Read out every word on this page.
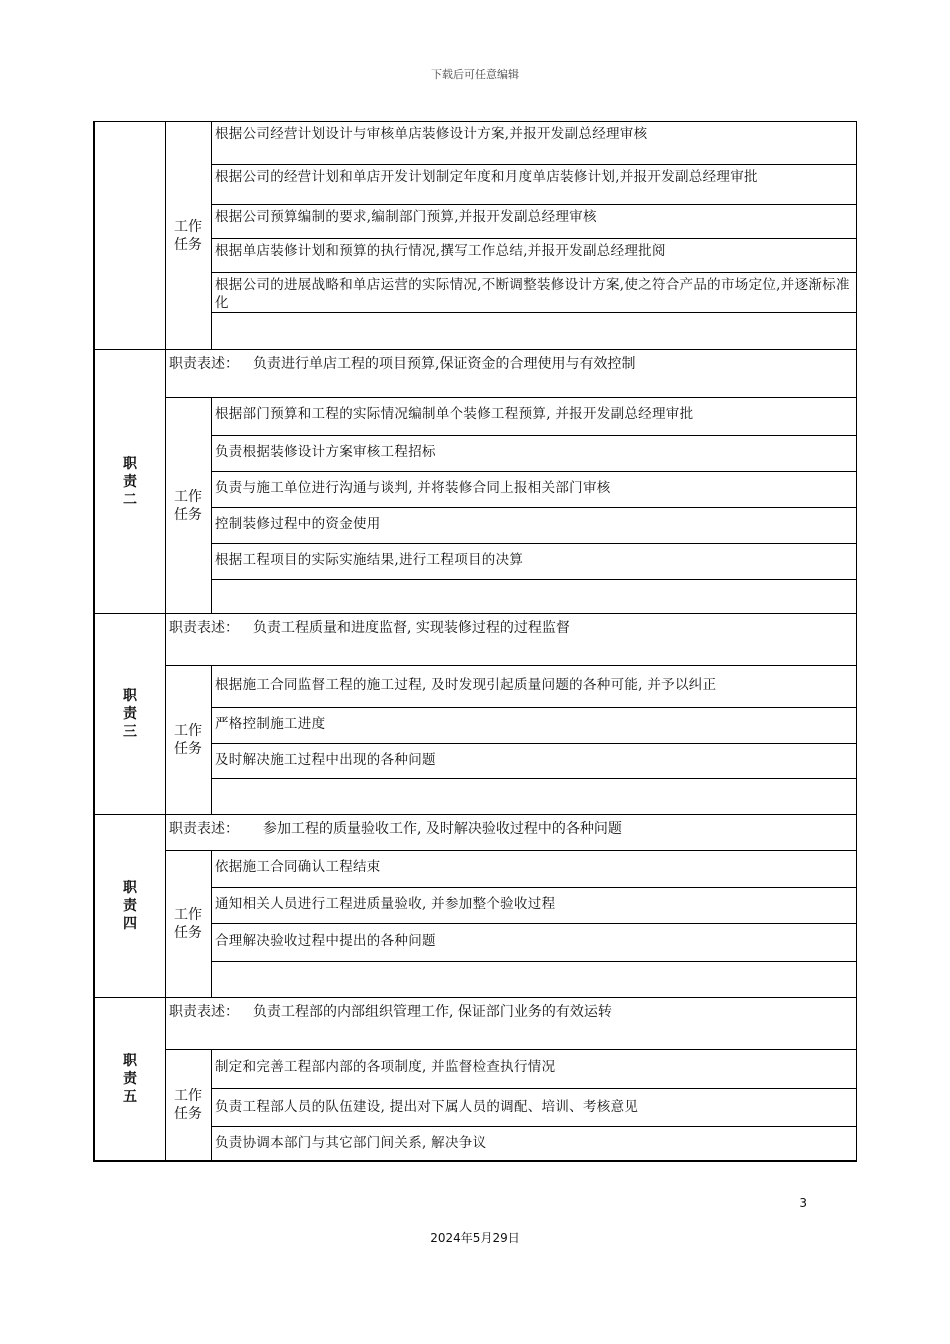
下载后可任意编辑
工作任务
根据公司经营计划设计与审核单店装修设计方案,并报开发副总经理审核
根据公司的经营计划和单店开发计划制定年度和月度单店装修计划,并报开发副总经理审批
根据公司预算编制的要求,编制部门预算,并报开发副总经理审核
根据单店装修计划和预算的执行情况,撰写工作总结,并报开发副总经理批阅
根据公司的进展战略和单店运营的实际情况,不断调整装修设计方案,使之符合产品的市场定位,并逐渐标准化
职责二
职责表述： 负责进行单店工程的项目预算,保证资金的合理使用与有效控制
工作任务
根据部门预算和工程的实际情况编制单个装修工程预算, 并报开发副总经理审批
负责根据装修设计方案审核工程招标
负责与施工单位进行沟通与谈判, 并将装修合同上报相关部门审核
控制装修过程中的资金使用
根据工程项目的实际实施结果,进行工程项目的决算
职责三
职责表述： 负责工程质量和进度监督, 实现装修过程的过程监督
工作任务
根据施工合同监督工程的施工过程, 及时发现引起质量问题的各种可能, 并予以纠正
严格控制施工进度
及时解决施工过程中出现的各种问题
职责四
职责表述： 参加工程的质量验收工作, 及时解决验收过程中的各种问题
工作任务
依据施工合同确认工程结束
通知相关人员进行工程进质量验收, 并参加整个验收过程
合理解决验收过程中提出的各种问题
职责五
职责表述： 负责工程部的内部组织管理工作, 保证部门业务的有效运转
工作任务
制定和完善工程部内部的各项制度, 并监督检查执行情况
负责工程部人员的队伍建设, 提出对下属人员的调配、培训、考核意见
负责协调本部门与其它部门间关系, 解决争议
3
2024年5月29日
